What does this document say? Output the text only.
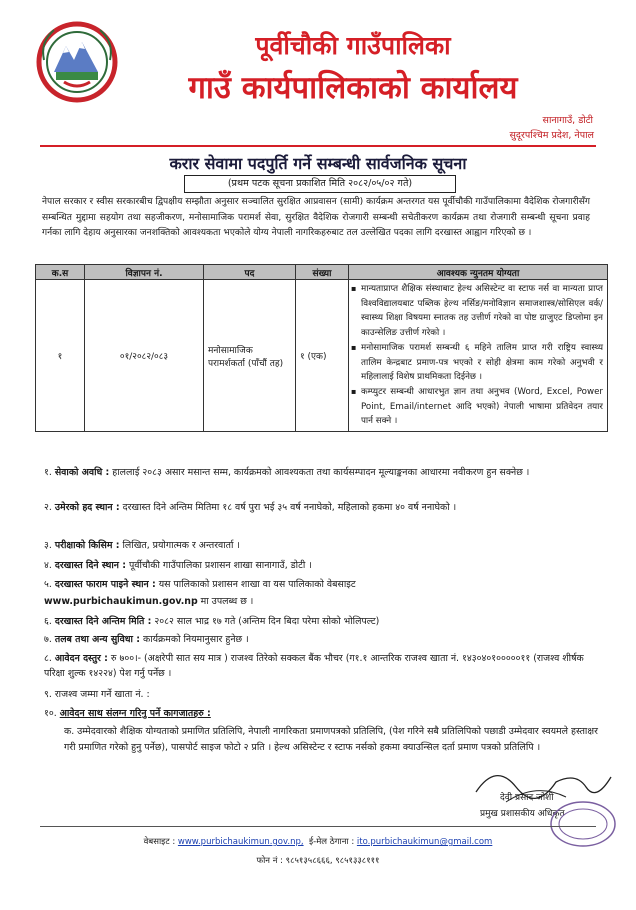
पूर्वीचौकी गाउँपालिका
गाउँ कार्यपालिकाको कार्यालय
सानागाउँ, डोटी
सुदूरपश्चिम प्रदेश, नेपाल
करार सेवामा पदपुर्ति गर्ने सम्बन्धी सार्वजनिक सूचना
(प्रथम पटक सूचना प्रकाशित मिति २०८२/०५/०२ गते)
नेपाल सरकार र स्वीस सरकारबीच द्विपक्षीय सम्झौता अनुसार सञ्चालित सुरक्षित आप्रवासन (सामी) कार्यक्रम अन्तरगत यस पूर्वीचौकी गाउँपालिकामा वैदेशिक रोजगारीसँग सम्बन्धित मुद्दामा सहयोग तथा सहजीकरण, मनोसामाजिक परामर्श सेवा, सुरक्षित वैदेशिक रोजगारी सम्बन्धी सचेतीकरण कार्यक्रम तथा रोजगारी सम्बन्धी सूचना प्रवाह गर्नका लागि देहाय अनुसारका जनशक्तिको आवश्यकता भएकोले योग्य नेपाली नागरिकहरुबाट तल उल्लेखित पदका लागि दरखास्त आह्वान गरिएको छ ।
क.स	विज्ञापन नं.	पद	संख्या	आवश्यक न्युनतम योग्यता
१	०१/२०८२/०८३	मनोसामाजिक परामर्शकर्ता (पाँचौं तह)	१ (एक)	▪ मान्यताप्राप्त शैक्षिक संस्थाबाट हेल्थ असिस्टेन्ट वा स्टाफ नर्स वा मान्यता प्राप्त विश्वविद्यालयबाट पब्लिक हेल्थ नर्सिङ/मनोविज्ञान समाजशास्त्र/सोसिएल वर्क/स्वास्थ्य शिक्षा विषयमा स्नातक तह उत्तीर्ण गरेको वा पोष्ट ग्राजुएट डिप्लोमा इन काउन्सेलिङ उत्तीर्ण गरेको ।
▪ मनोसामाजिक परामर्श सम्बन्धी ६ महिने तालिम प्राप्त गरी राष्ट्रिय स्वास्थ्य तालिम केन्द्रबाट प्रमाण-पत्र भएको र सोही क्षेत्रमा काम गरेको अनुभवी र महिलालाई विशेष प्राथमिकता दिईनेछ ।
▪ कम्प्युटर सम्बन्धी आधारभुत ज्ञान तथा अनुभव (Word, Excel, Power Point, Email/internet आदि भएको) नेपाली भाषामा प्रतिवेदन तयार पार्न सक्ने ।
१. सेवाको अवधि : हाललाई २०८३ असार मसान्त सम्म, कार्यक्रमको आवश्यकता तथा कार्यसम्पादन मूल्याङ्कनका आधारमा नवीकरण हुन सक्नेछ ।
२. उमेरको हद स्थान : दरखास्त दिने अन्तिम मितिमा १८ वर्ष पुरा भई ३५ वर्ष ननाघेको, महिलाको हकमा ४० वर्ष ननाघेको ।
३. परीक्षाको किसिम : लिखित, प्रयोगात्मक र अन्तरवार्ता ।
४. दरखास्त दिने स्थान : पूर्वीचौकी गाउँपालिका प्रशासन शाखा सानागाउँ, डोटी ।
५. दरखास्त फाराम पाइने स्थान : यस पालिकाको प्रशासन शाखा वा यस पालिकाको वेबसाइट
www.purbichaukimun.gov.np मा उपलब्ध छ ।
६. दरखास्त दिने अन्तिम मिति : २०८२ साल भाद्र १७ गते (अन्तिम दिन बिदा परेमा सोको भोलिपल्ट)
७. तलब तथा अन्य सुविधा : कार्यक्रमको नियमानुसार हुनेछ ।
८. आवेदन दस्तुर : रु ७००।- (अक्षरेपी सात सय मात्र ) राजश्व तिरेको सक्कल बैंक भौचर (ग१.१ आन्तरिक राजश्व खाता नं. १४३०४०१०००००११ (राजश्व शीर्षक परिक्षा शुल्क १४२२४) पेश गर्नु पर्नेछ ।
९. राजश्व जम्मा गर्ने खाता नं. :
१०. आवेदन साथ संलग्न गरिनु पर्ने कागजातहरु :
क. उम्मेदवारको शैक्षिक योग्यताको प्रमाणित प्रतिलिपि, नेपाली नागरिकता प्रमाणपत्रको प्रतिलिपि, (पेश गरिने सबै प्रतिलिपिको पछाडी उम्मेदवार स्वयमले हस्ताक्षर गरी प्रमाणित गरेको हुनु पर्नेछ), पासपोर्ट साइज फोटो २ प्रति । हेल्थ असिस्टेन्ट र स्टाफ नर्सको हकमा क्याउन्सिल दर्ता प्रमाण पत्रको प्रतिलिपि ।
देवी प्रसाद जोशी
प्रमुख प्रशासकीय अधिकृत
वेबसाइट : www.purbichaukimun.gov.np, ई-मेल ठेगाना : ito.purbichaukimun@gmail.com
फोन नं : ९८५१३५८६६६, ९८५१३३८१११
